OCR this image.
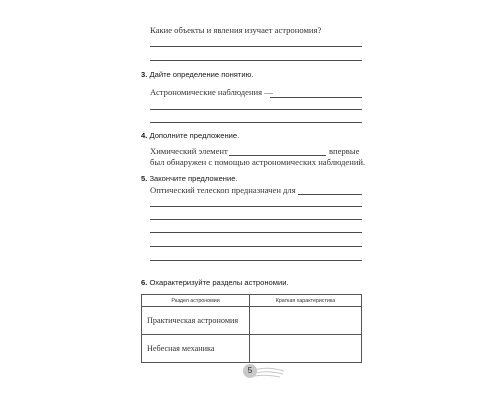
Какие объекты и явления изучает астрономия?
3. Дайте определение понятию.
Астрономические наблюдения —
4. Дополните предложение.
Химический элемент	впервые
был обнаружен с помощью астрономических наблюдений.
5. Закончите предложение.
Оптический телескоп предназначен для
6. Охарактеризуйте разделы астрономии.
Раздел астрономии	Краткая характеристика
Практическая астрономия	
Небесная механика	
5
